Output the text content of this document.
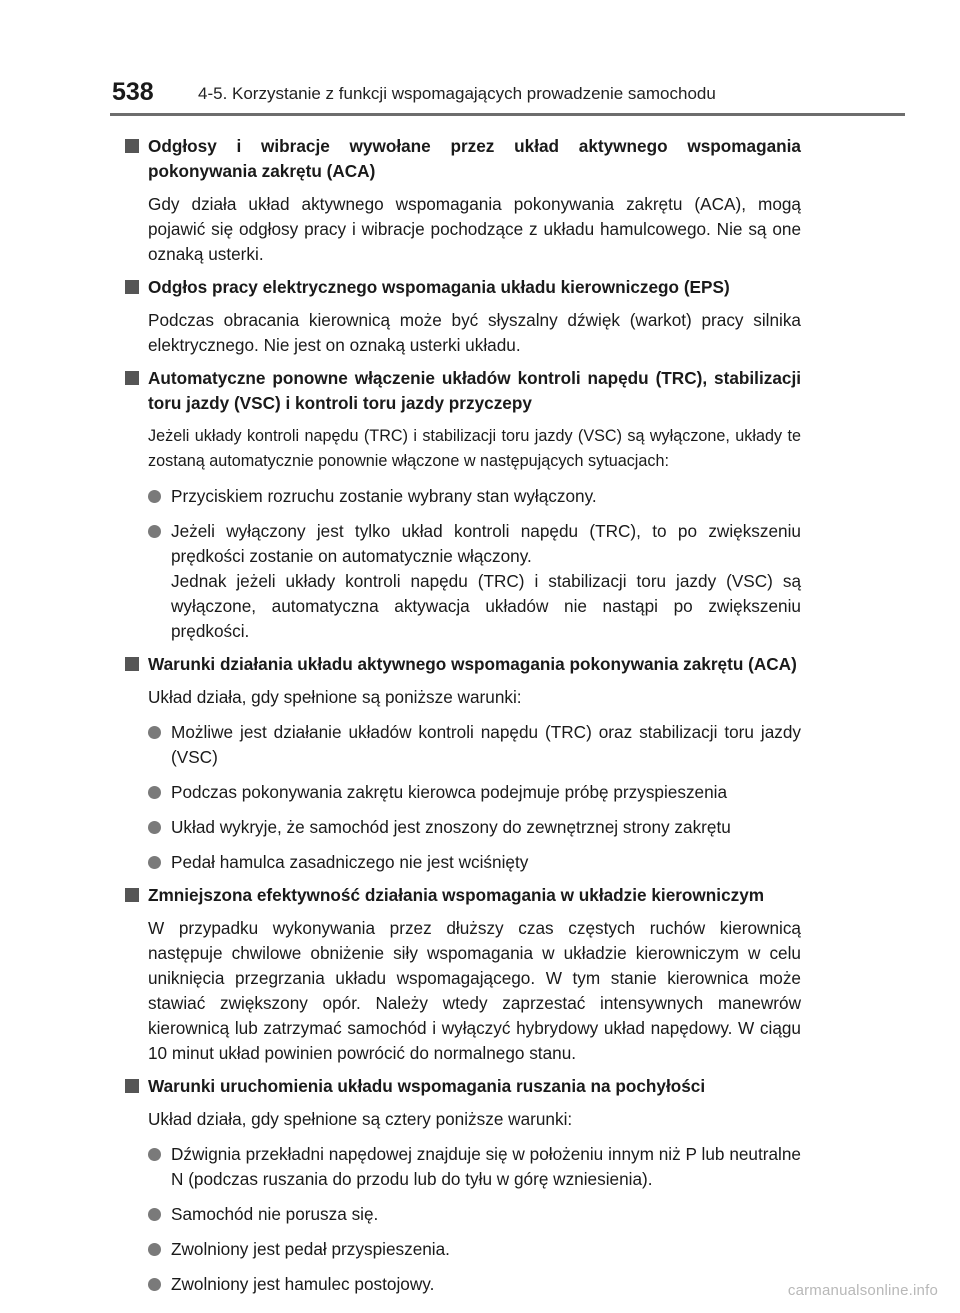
538	4-5. Korzystanie z funkcji wspomagających prowadzenie samochodu
Odgłosy i wibracje wywołane przez układ aktywnego wspomagania pokonywania zakrętu (ACA)
Gdy działa układ aktywnego wspomagania pokonywania zakrętu (ACA), mogą pojawić się odgłosy pracy i wibracje pochodzące z układu hamulcowego. Nie są one oznaką usterki.
Odgłos pracy elektrycznego wspomagania układu kierowniczego (EPS)
Podczas obracania kierownicą może być słyszalny dźwięk (warkot) pracy silnika elektrycznego. Nie jest on oznaką usterki układu.
Automatyczne ponowne włączenie układów kontroli napędu (TRC), stabilizacji toru jazdy (VSC) i kontroli toru jazdy przyczepy
Jeżeli układy kontroli napędu (TRC) i stabilizacji toru jazdy (VSC) są wyłączone, układy te zostaną automatycznie ponownie włączone w następujących sytuacjach:
Przyciskiem rozruchu zostanie wybrany stan wyłączony.
Jeżeli wyłączony jest tylko układ kontroli napędu (TRC), to po zwiększeniu prędkości zostanie on automatycznie włączony.
Jednak jeżeli układy kontroli napędu (TRC) i stabilizacji toru jazdy (VSC) są wyłączone, automatyczna aktywacja układów nie nastąpi po zwiększeniu prędkości.
Warunki działania układu aktywnego wspomagania pokonywania zakrętu (ACA)
Układ działa, gdy spełnione są poniższe warunki:
Możliwe jest działanie układów kontroli napędu (TRC) oraz stabilizacji toru jazdy (VSC)
Podczas pokonywania zakrętu kierowca podejmuje próbę przyspieszenia
Układ wykryje, że samochód jest znoszony do zewnętrznej strony zakrętu
Pedał hamulca zasadniczego nie jest wciśnięty
Zmniejszona efektywność działania wspomagania w układzie kierowniczym
W przypadku wykonywania przez dłuższy czas częstych ruchów kierownicą następuje chwilowe obniżenie siły wspomagania w układzie kierowniczym w celu uniknięcia przegrzania układu wspomagającego. W tym stanie kierownica może stawiać zwiększony opór. Należy wtedy zaprzestać intensywnych manewrów kierownicą lub zatrzymać samochód i wyłączyć hybrydowy układ napędowy. W ciągu 10 minut układ powinien powrócić do normalnego stanu.
Warunki uruchomienia układu wspomagania ruszania na pochyłości
Układ działa, gdy spełnione są cztery poniższe warunki:
Dźwignia przekładni napędowej znajduje się w położeniu innym niż P lub neutralne N (podczas ruszania do przodu lub do tyłu w górę wzniesienia).
Samochód nie porusza się.
Zwolniony jest pedał przyspieszenia.
Zwolniony jest hamulec postojowy.	carmanualsonline.info
